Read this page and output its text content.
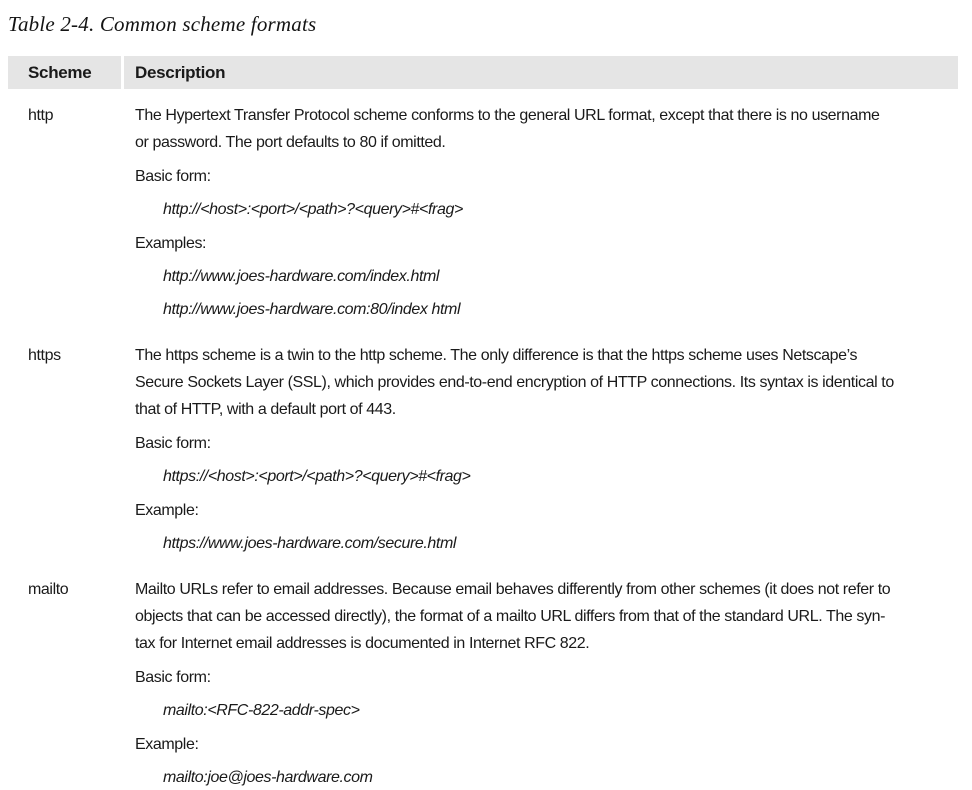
Table 2-4. Common scheme formats
Scheme	Description
http	The Hypertext Transfer Protocol scheme conforms to the general URL format, except that there is no username
or password. The port defaults to 80 if omitted.
Basic form:
http://<host>:<port>/<path>?<query>#<frag>
Examples:
http://www.joes-hardware.com/index.html
http://www.joes-hardware.com:80/index html
https	The https scheme is a twin to the http scheme. The only difference is that the https scheme uses Netscape’s
Secure Sockets Layer (SSL), which provides end-to-end encryption of HTTP connections. Its syntax is identical to
that of HTTP, with a default port of 443.
Basic form:
https://<host>:<port>/<path>?<query>#<frag>
Example:
https://www.joes-hardware.com/secure.html
mailto	Mailto URLs refer to email addresses. Because email behaves differently from other schemes (it does not refer to
objects that can be accessed directly), the format of a mailto URL differs from that of the standard URL. The syn-
tax for Internet email addresses is documented in Internet RFC 822.
Basic form:
mailto:<RFC-822-addr-spec>
Example:
mailto:joe@joes-hardware.com
